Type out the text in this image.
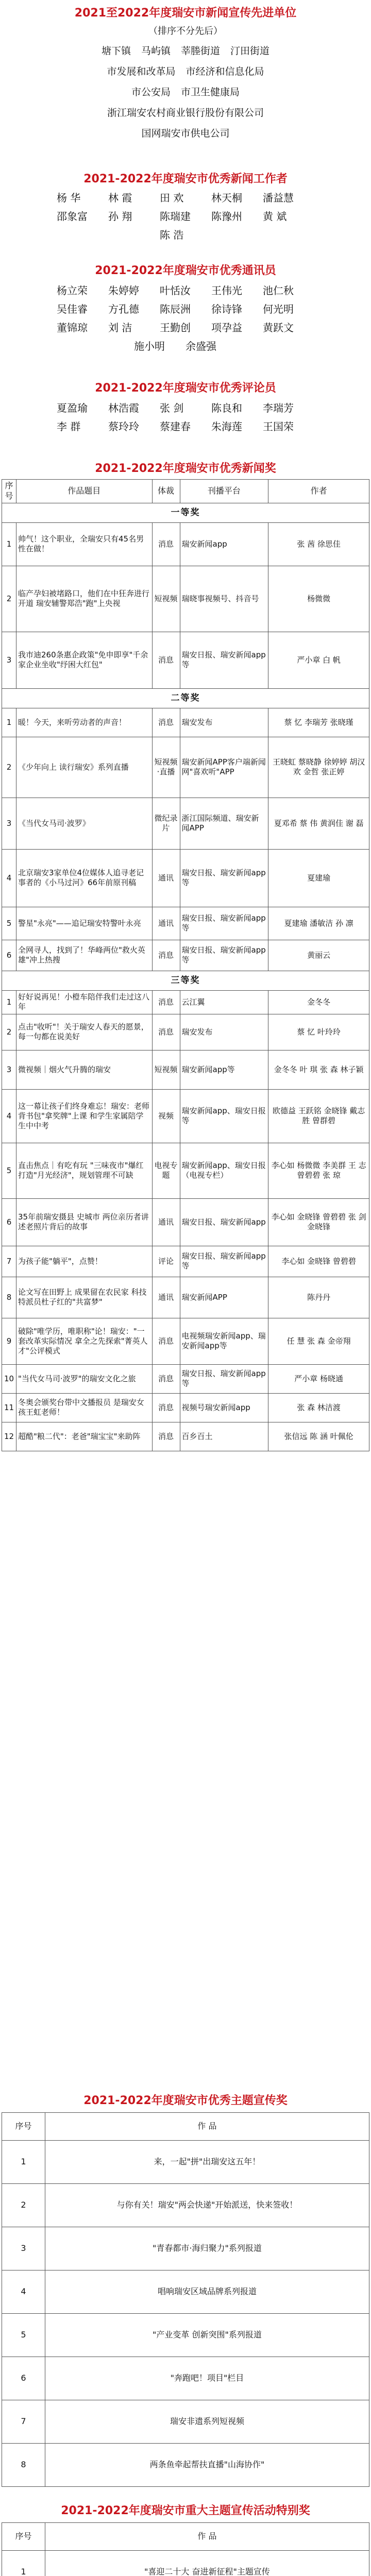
2021至2022年度瑞安市新闻宣传先进单位
（排序不分先后）
塘下镇 马屿镇 莘塍街道 汀田街道
市发展和改革局 市经济和信息化局
市公安局 市卫生健康局
浙江瑞安农村商业银行股份有限公司
国网瑞安市供电公司
2021-2022年度瑞安市优秀新闻工作者
杨 华	林 霞	田 欢	林天桐 潘益慧
邵象富 孙 翔	陈瑞建 陈豫州 黄 斌
陈 浩
2021-2022年度瑞安市优秀通讯员
杨立荣 朱婷婷 叶恬汝 王伟光 池仁秋
吴佳睿 方孔德 陈辰洲 徐诗锋 何光明
董锦琼 刘 洁	王勤创 项孕益 黄跃文
施小明 余盛强
2021-2022年度瑞安市优秀评论员
夏盈瑜 林浩霞 张 剑	陈良和 李瑞芳
李 群	蔡玲玲 蔡建春 朱海莲 王国荣
2021-2022年度瑞安市优秀新闻奖
序号	作品题目	体裁	刊播平台	作者
一等奖				
1	帅气！这个职业，全瑞安只有45名男性在做！	消息	瑞安新闻app	张 茜 徐思佳
2	临产孕妇被堵路口，他们在中狂奔进行开道 瑞安辅警郑浩"跑"上央视	短视频	瑞晓事视频号、抖音号	杨微微
3	我市迪260条惠企政策"免申即享"千余家企业坐收"纾困大红包"	消息	瑞安日报、瑞安新闻app等	严小章 白 帆
二等奖				
1	暖！今天，来听劳动者的声音！	消息	瑞安发布	蔡 忆 李瑞芳 张晓瑾
2	《少年向上 读行瑞安》系列直播	短视频·直播	瑞安新闻APP客户端新闻网"喜欢听"APP	王晓虹 蔡晓静 徐婷婷 胡汉欢 金哲 张正婷
3	《当代女马司·波罗》	微纪录片	浙江国际频道、瑞安新闻APP	夏邓希 蔡 伟 黄润佳 谢 磊
4	北京瑞安3家单位4位媒体人追寻老记事者的《小马过河》66年前原刊稿	通讯	瑞安日报、瑞安新闻app等	夏建瑜
5	警星"永亮"——追记瑞安特警叶永亮	通讯	瑞安日报、瑞安新闻app等	夏建瑜 潘敏洁 孙 凛
6	全网寻人，找到了！华峰两位"救火英雄"冲上热搜	消息	瑞安日报、瑞安新闻app等	黄丽云
三等奖				
1	好好说再见！小橙车陪伴我们走过这八年	消息	云江翼	金冬冬
2	点击"收听"！关于瑞安人春天的愿景，每一句都在说美好	消息	瑞安发布	蔡 忆 叶玲玲
3	微视频｜烟火气升腾的瑞安	短视频	瑞安新闻app等	金冬冬 叶 琪 张 森 林子颖
4	这一幕让孩子们终身难忘！瑞安：老师背书包"拿奖牌"上课 和学生家属陪学生中中考	视频	瑞安新闻app、瑞安日报等	欧德益 王跃铭 金晓锋 戴志胜 曾群碧
5	直击焦点｜有吃有玩 "三味夜市"爆红 打造"月光经济"，规划管理不可缺	电视专题	瑞安新闻app、瑞安日报（电视专栏）	李心如 杨微微 李美群 王 志 曾碧碧 张 琼
6	35年前瑞安摄县 史城市 两位亲历者讲述老照片背后的故事	通讯	瑞安日报、瑞安新闻app	李心如 金晓锋 曾碧碧 张 剑 金晓锋
7	为孩子能"躺平"，点赞！	评论	瑞安日报、瑞安新闻app等	李心如 金晓锋 曾碧碧
8	论文写在田野上 成果留在农民家 科技特派员杜子红的"共富梦"	通讯	瑞安新闻APP	陈丹丹
9	破除"唯学历，唯职称"论！瑞安："一套改革实际情况 拿全之先探索"菁英人才"公评模式	消息	电视频瑞安新闻app、瑞安新闻app等	任 慧 张 森 金帝翔
10	"当代女马司·波罗"的瑞安文化之旅	消息	瑞安日报、瑞安新闻app等	严小章 杨晓通
11	冬奥会颁奖台带中文播报员 是瑞安女孩王虹老师！	消息	视频号瑞安新闻app	张 森 林洁渡
12	超酷"粮二代"：老爸"瑞宝宝"来助阵	消息	百乡百土	张信远 陈 涵 叶佩伦
2021-2022年度瑞安市优秀主题宣传奖
序号	作 品
1	来，一起"拼"出瑞安这五年！
2	与你有关！瑞安"两会快递"开始派送，快来签收！
3	"青春都市·海归聚力"系列报道
4	唱响瑞安区域品牌系列报道
5	"产业变革 创新突围"系列报道
6	"奔跑吧！项目"栏目
7	瑞安非遗系列短视频
8	两条鱼牵起帮扶直播"山海协作"
2021-2022年度瑞安市重大主题宣传活动特别奖
序号	作 品
1	"喜迎二十大 奋进新征程"主题宣传
